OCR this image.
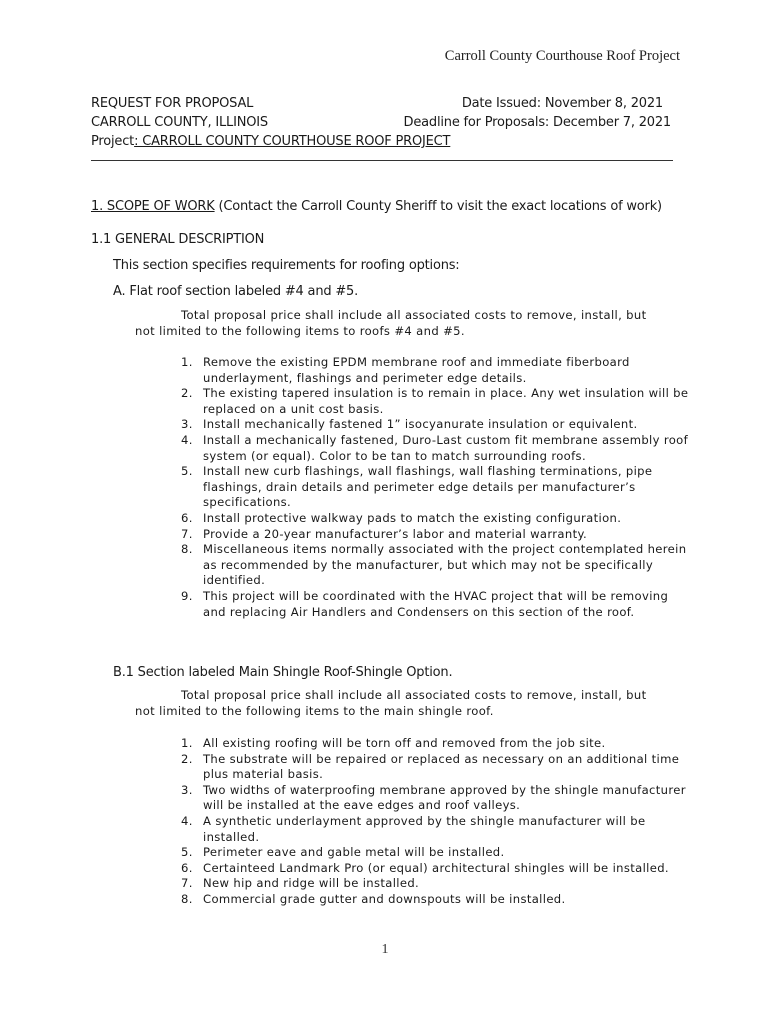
Carroll County Courthouse Roof Project
REQUEST FOR PROPOSAL	Date Issued: November 8, 2021
CARROLL COUNTY, ILLINOIS	Deadline for Proposals: December 7, 2021
Project: CARROLL COUNTY COURTHOUSE ROOF PROJECT
1. SCOPE OF WORK (Contact the Carroll County Sheriff to visit the exact locations of work)
1.1 GENERAL DESCRIPTION
This section specifies requirements for roofing options:
A. Flat roof section labeled #4 and #5.
Total proposal price shall include all associated costs to remove, install, but
not limited to the following items to roofs #4 and #5.
1. Remove the existing EPDM membrane roof and immediate fiberboard underlayment, flashings and perimeter edge details.
2. The existing tapered insulation is to remain in place. Any wet insulation will be replaced on a unit cost basis.
3. Install mechanically fastened 1” isocyanurate insulation or equivalent.
4. Install a mechanically fastened, Duro-Last custom fit membrane assembly roof system (or equal). Color to be tan to match surrounding roofs.
5. Install new curb flashings, wall flashings, wall flashing terminations, pipe flashings, drain details and perimeter edge details per manufacturer’s specifications.
6. Install protective walkway pads to match the existing configuration.
7. Provide a 20-year manufacturer’s labor and material warranty.
8. Miscellaneous items normally associated with the project contemplated herein as recommended by the manufacturer, but which may not be specifically identified.
9. This project will be coordinated with the HVAC project that will be removing and replacing Air Handlers and Condensers on this section of the roof.
B.1 Section labeled Main Shingle Roof-Shingle Option.
Total proposal price shall include all associated costs to remove, install, but
not limited to the following items to the main shingle roof.
1. All existing roofing will be torn off and removed from the job site.
2. The substrate will be repaired or replaced as necessary on an additional time plus material basis.
3. Two widths of waterproofing membrane approved by the shingle manufacturer will be installed at the eave edges and roof valleys.
4. A synthetic underlayment approved by the shingle manufacturer will be installed.
5. Perimeter eave and gable metal will be installed.
6. Certainteed Landmark Pro (or equal) architectural shingles will be installed.
7. New hip and ridge will be installed.
8. Commercial grade gutter and downspouts will be installed.
1
